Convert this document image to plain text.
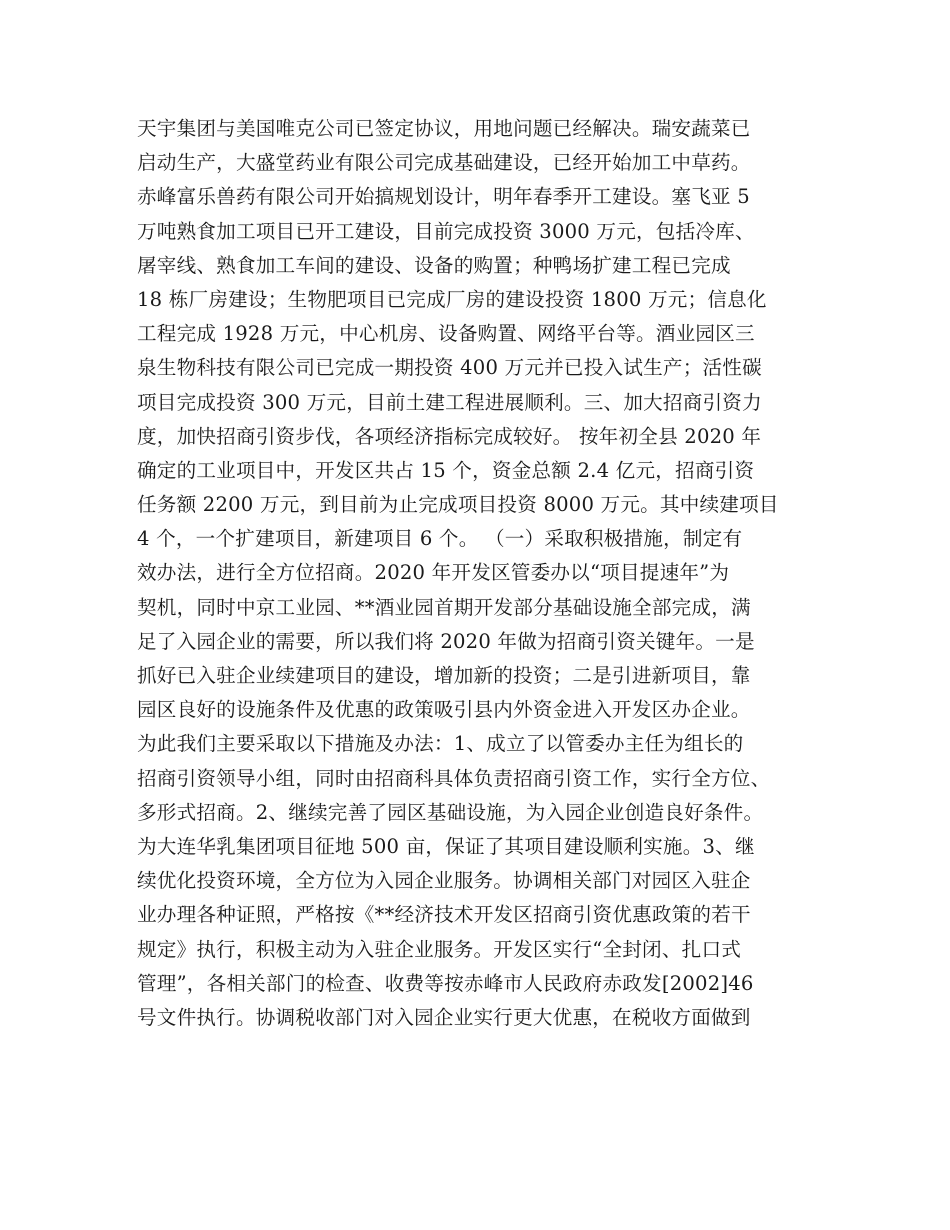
天宇集团与美国唯克公司已签定协议，用地问题已经解决。瑞安蔬菜已
启动生产，大盛堂药业有限公司完成基础建设，已经开始加工中草药。
赤峰富乐兽药有限公司开始搞规划设计，明年春季开工建设。塞飞亚 5
万吨熟食加工项目已开工建设，目前完成投资 3000 万元，包括冷库、
屠宰线、熟食加工车间的建设、设备的购置；种鸭场扩建工程已完成
18 栋厂房建设；生物肥项目已完成厂房的建设投资 1800 万元；信息化
工程完成 1928 万元，中心机房、设备购置、网络平台等。酒业园区三
泉生物科技有限公司已完成一期投资 400 万元并已投入试生产；活性碳
项目完成投资 300 万元，目前土建工程进展顺利。三、加大招商引资力
度，加快招商引资步伐，各项经济指标完成较好。 按年初全县 2020 年
确定的工业项目中，开发区共占 15 个，资金总额 2.4 亿元，招商引资
任务额 2200 万元，到目前为止完成项目投资 8000 万元。其中续建项目
4 个，一个扩建项目，新建项目 6 个。 （一）采取积极措施，制定有
效办法，进行全方位招商。2020 年开发区管委办以“项目提速年”为
契机，同时中京工业园、**酒业园首期开发部分基础设施全部完成，满
足了入园企业的需要，所以我们将 2020 年做为招商引资关键年。一是
抓好已入驻企业续建项目的建设，增加新的投资；二是引进新项目，靠
园区良好的设施条件及优惠的政策吸引县内外资金进入开发区办企业。
为此我们主要采取以下措施及办法：1、成立了以管委办主任为组长的
招商引资领导小组，同时由招商科具体负责招商引资工作，实行全方位、
多形式招商。2、继续完善了园区基础设施，为入园企业创造良好条件。
为大连华乳集团项目征地 500 亩，保证了其项目建设顺利实施。3、继
续优化投资环境，全方位为入园企业服务。协调相关部门对园区入驻企
业办理各种证照，严格按《**经济技术开发区招商引资优惠政策的若干
规定》执行，积极主动为入驻企业服务。开发区实行“全封闭、扎口式
管理”，各相关部门的检查、收费等按赤峰市人民政府赤政发[2002]46
号文件执行。协调税收部门对入园企业实行更大优惠，在税收方面做到
